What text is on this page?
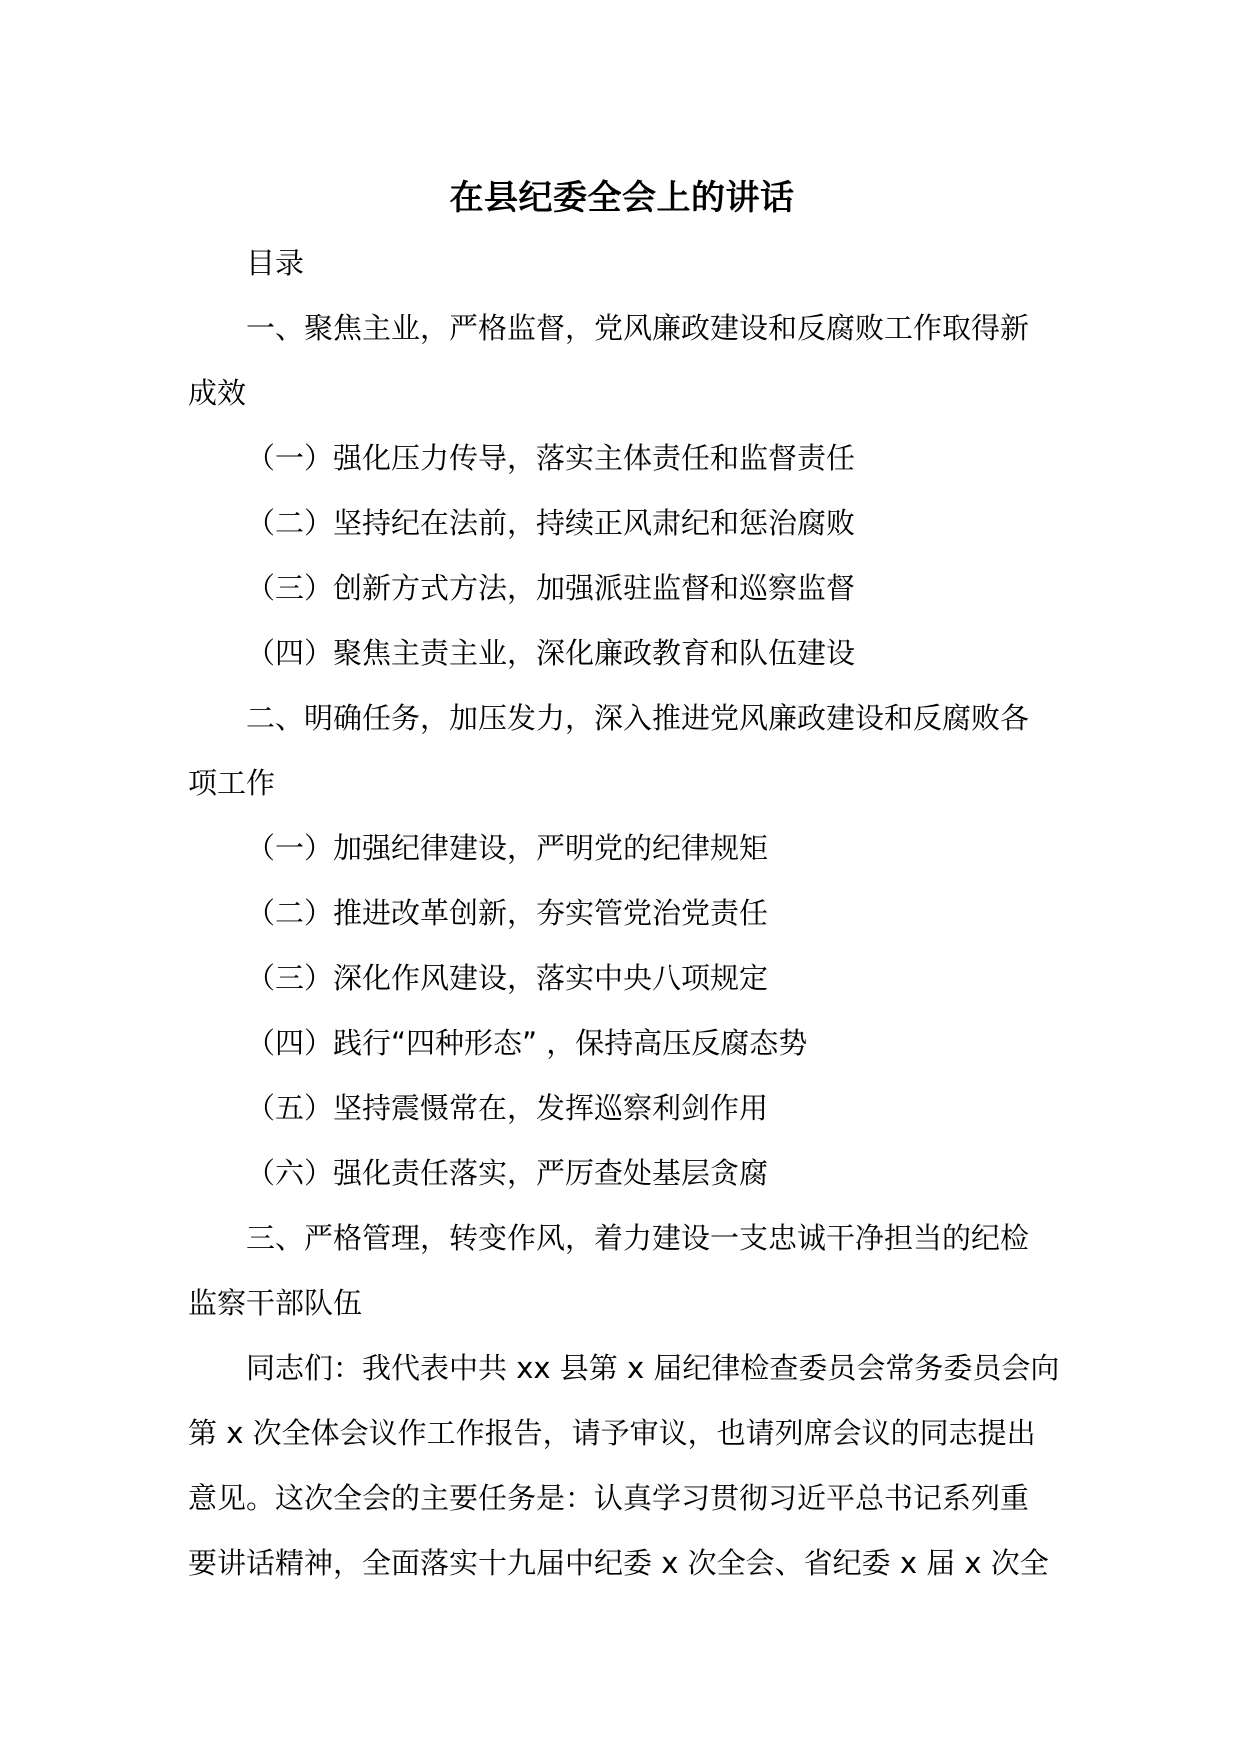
在县纪委全会上的讲话

目录

一、聚焦主业，严格监督，党风廉政建设和反腐败工作取得新

成效

（一）强化压力传导，落实主体责任和监督责任

（二）坚持纪在法前，持续正风肃纪和惩治腐败

（三）创新方式方法，加强派驻监督和巡察监督

（四）聚焦主责主业，深化廉政教育和队伍建设

二、明确任务，加压发力，深入推进党风廉政建设和反腐败各

项工作

（一）加强纪律建设，严明党的纪律规矩

（二）推进改革创新，夯实管党治党责任

（三）深化作风建设，落实中央八项规定

（四）践行“四种形态” ，保持高压反腐态势

（五）坚持震慑常在，发挥巡察利剑作用

（六）强化责任落实，严厉查处基层贪腐

三、严格管理，转变作风，着力建设一支忠诚干净担当的纪检

监察干部队伍

同志们：我代表中共 xx 县第 x 届纪律检查委员会常务委员会向

第 x 次全体会议作工作报告，请予审议，也请列席会议的同志提出

意见。这次全会的主要任务是：认真学习贯彻习近平总书记系列重

要讲话精神，全面落实十九届中纪委 x 次全会、省纪委 x 届 x 次全
